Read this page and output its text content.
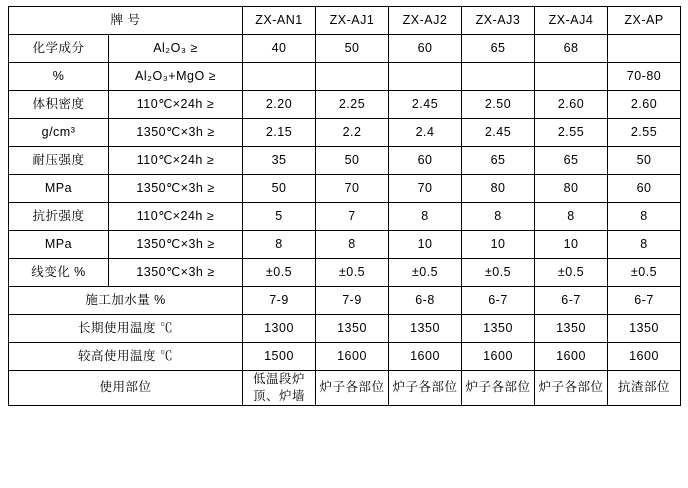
牌 号		ZX-AN1	ZX-AJ1	ZX-AJ2	ZX-AJ3	ZX-AJ4	ZX-AP
化学成分	Al₂O₃ ≥	40	50	60	65	68	
%	Al₂O₃+MgO ≥						70-80
体积密度	110℃×24h ≥	2.20	2.25	2.45	2.50	2.60	2.60
g/cm³	1350℃×3h ≥	2.15	2.2	2.4	2.45	2.55	2.55
耐压强度	110℃×24h ≥	35	50	60	65	65	50
MPa	1350℃×3h ≥	50	70	70	80	80	60
抗折强度	110℃×24h ≥	5	7	8	8	8	8
MPa	1350℃×3h ≥	8	8	10	10	10	8
线变化 %	1350℃×3h ≥	±0.5	±0.5	±0.5	±0.5	±0.5	±0.5
施工加水量 %		7-9	7-9	6-8	6-7	6-7	6-7
长期使用温度 ℃		1300	1350	1350	1350	1350	1350
较高使用温度 ℃		1500	1600	1600	1600	1600	1600
使用部位		低温段炉顶、炉墙	炉子各部位	炉子各部位	炉子各部位	炉子各部位	抗渣部位
